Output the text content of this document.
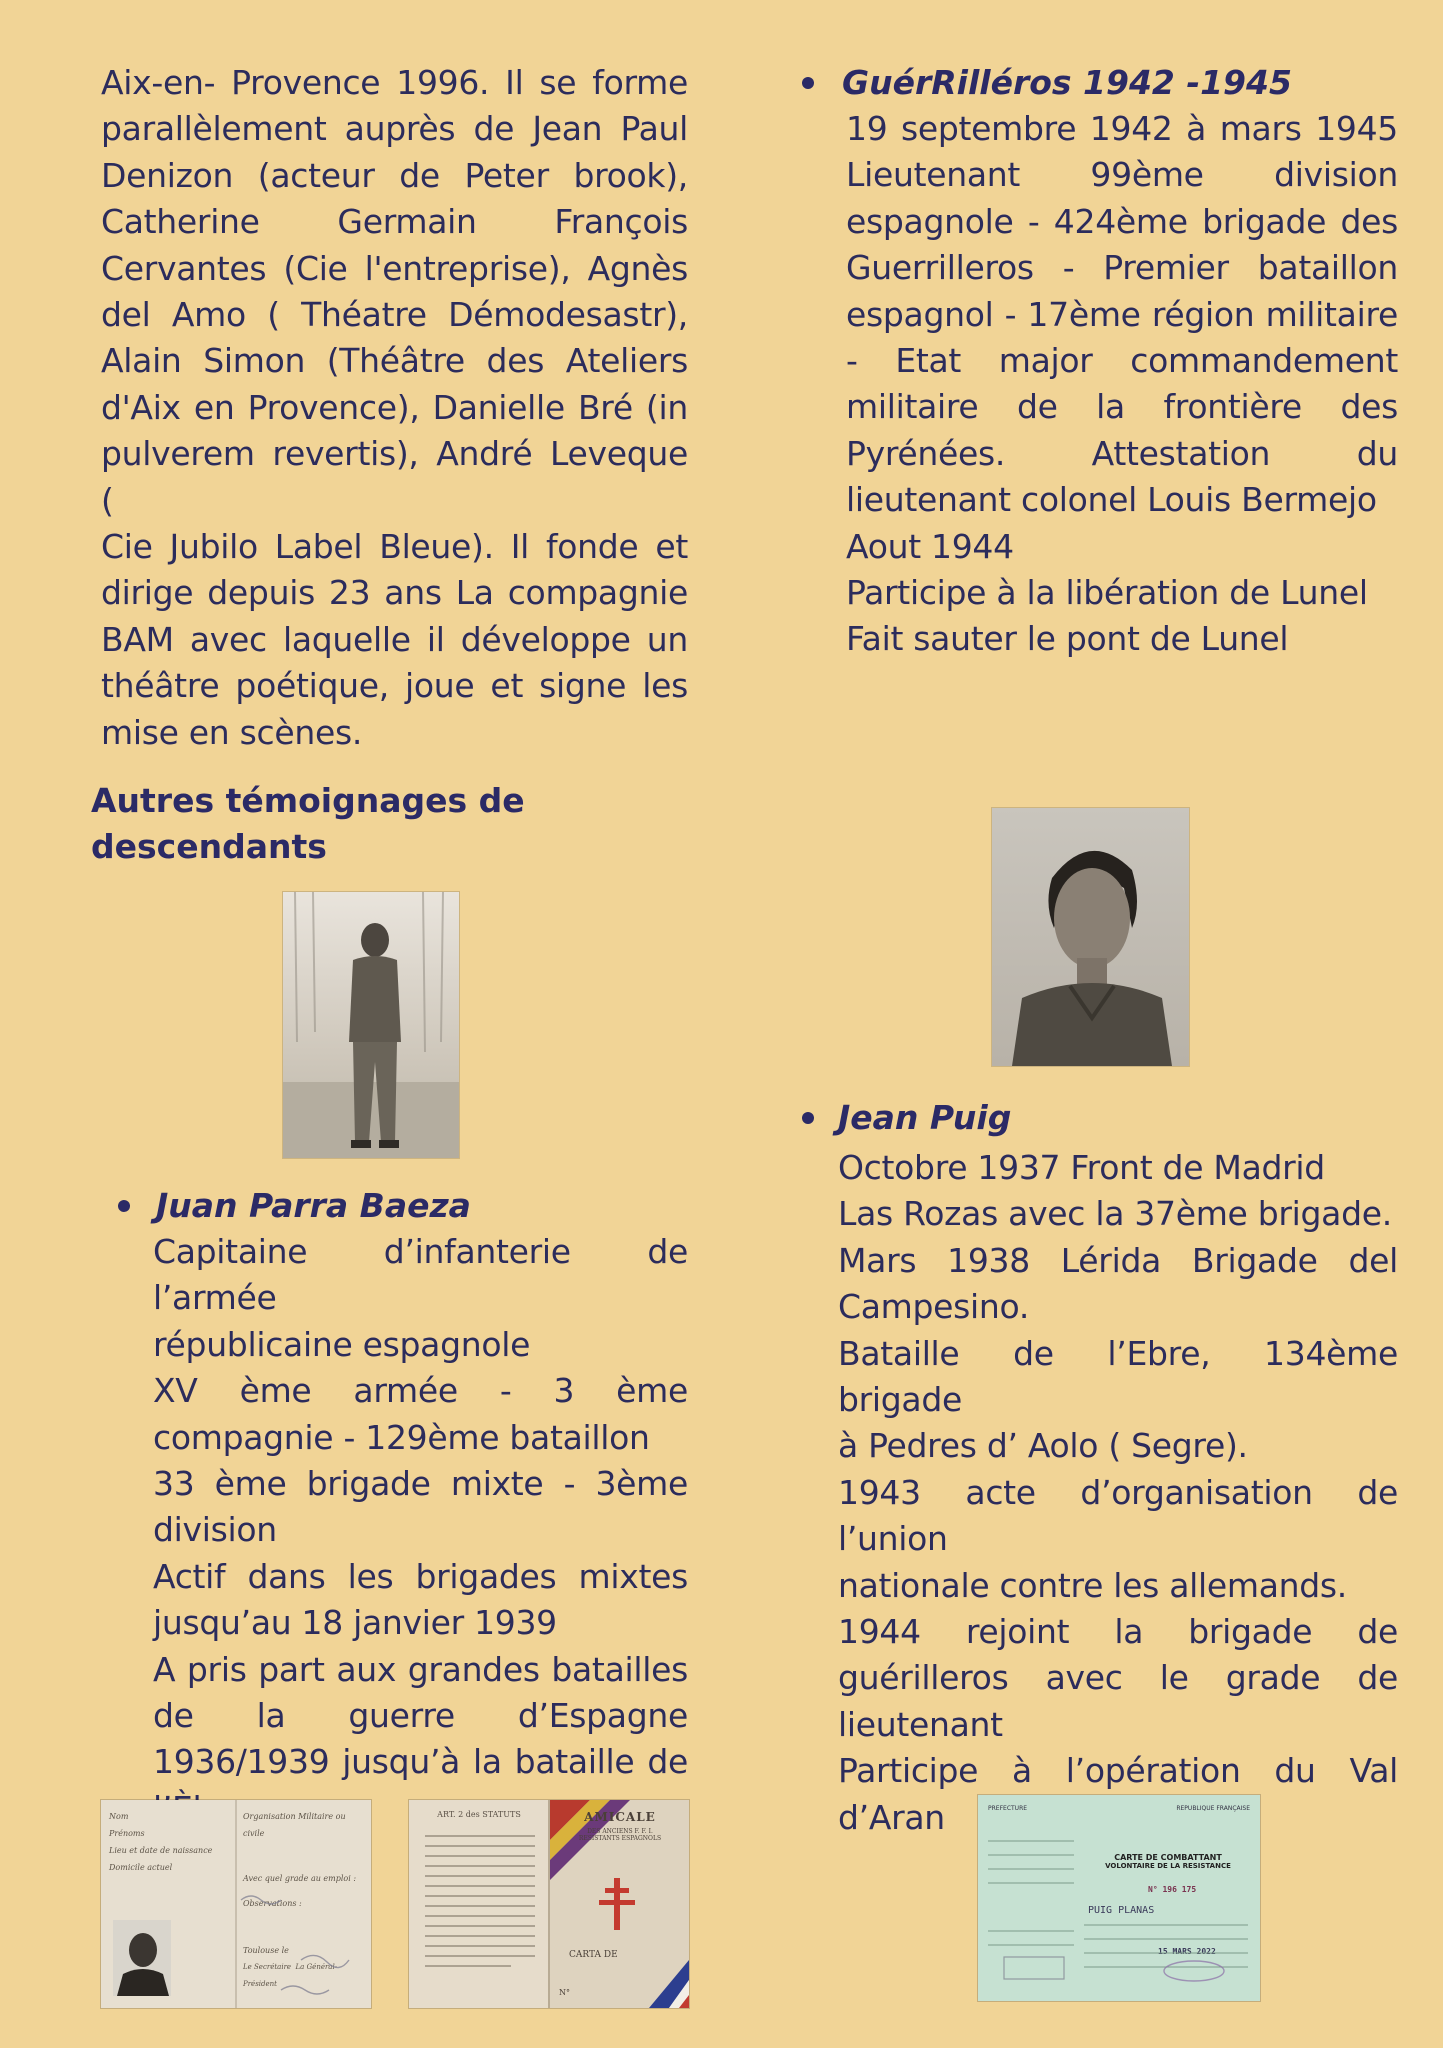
Aix-en- Provence 1996. Il se forme
parallèlement auprès de Jean Paul
Denizon (acteur de Peter brook),
Catherine Germain François
Cervantes (Cie l'entreprise), Agnès
del Amo ( Théatre Démodesastr),
Alain Simon (Théâtre des Ateliers
d'Aix en Provence), Danielle Bré (in
pulverem revertis), André Leveque (
Cie Jubilo Label Bleue). Il fonde et
dirige depuis 23 ans La compagnie
BAM avec laquelle il développe un
théâtre poétique, joue et signe les
mise en scènes.

GuérRilléros 1942 -1945

19 septembre 1942 à mars 1945
Lieutenant 99ème division
espagnole - 424ème brigade des
Guerrilleros - Premier bataillon
espagnol - 17ème région militaire
- Etat major commandement
militaire de la frontière des
Pyrénées. Attestation du
lieutenant colonel Louis Bermejo
Aout 1944
Participe à la libération de Lunel
Fait sauter le pont de Lunel

Autres témoignages de

descendants

Juan Parra Baeza

Capitaine d’infanterie de l’armée
républicaine espagnole
XV ème armée - 3 ème
compagnie - 129ème bataillon
33 ème brigade mixte - 3ème
division
Actif dans les brigades mixtes
jusqu’au 18 janvier 1939
A pris part aux grandes batailles
de la guerre d’Espagne
1936/1939 jusqu’à la bataille de

Jean Puig

Octobre 1937 Front de Madrid
Las Rozas avec la 37ème brigade.
Mars 1938 Lérida Brigade del
Campesino.
Bataille de l’Ebre, 134ème brigade
à Pedres d’ Aolo ( Segre).
1943 acte d’organisation de l’union
nationale contre les allemands.
1944 rejoint la brigade de
guérilleros avec le grade de
lieutenant
Participe à l’opération du Val
d’Aran
Nom
Prénoms
Lieu et date de naissance
Domicile actuel
Organisation Militaire ou civile
Avec quel grade au emploi :
Observations :
Toulouse le
Le Secrétaire La Général-Président
ART. 2 des STATUTS	AMICALE
DES ANCIENS F. F. I.
RESISTANTS ESPAGNOLS
CARTA DE
N°
PREFECTURE	REPUBLIQUE FRANÇAISE
CARTE DE COMBATTANT
VOLONTAIRE DE LA RESISTANCE
N° 196 175
PUIG PLANAS
15 MARS 2022
